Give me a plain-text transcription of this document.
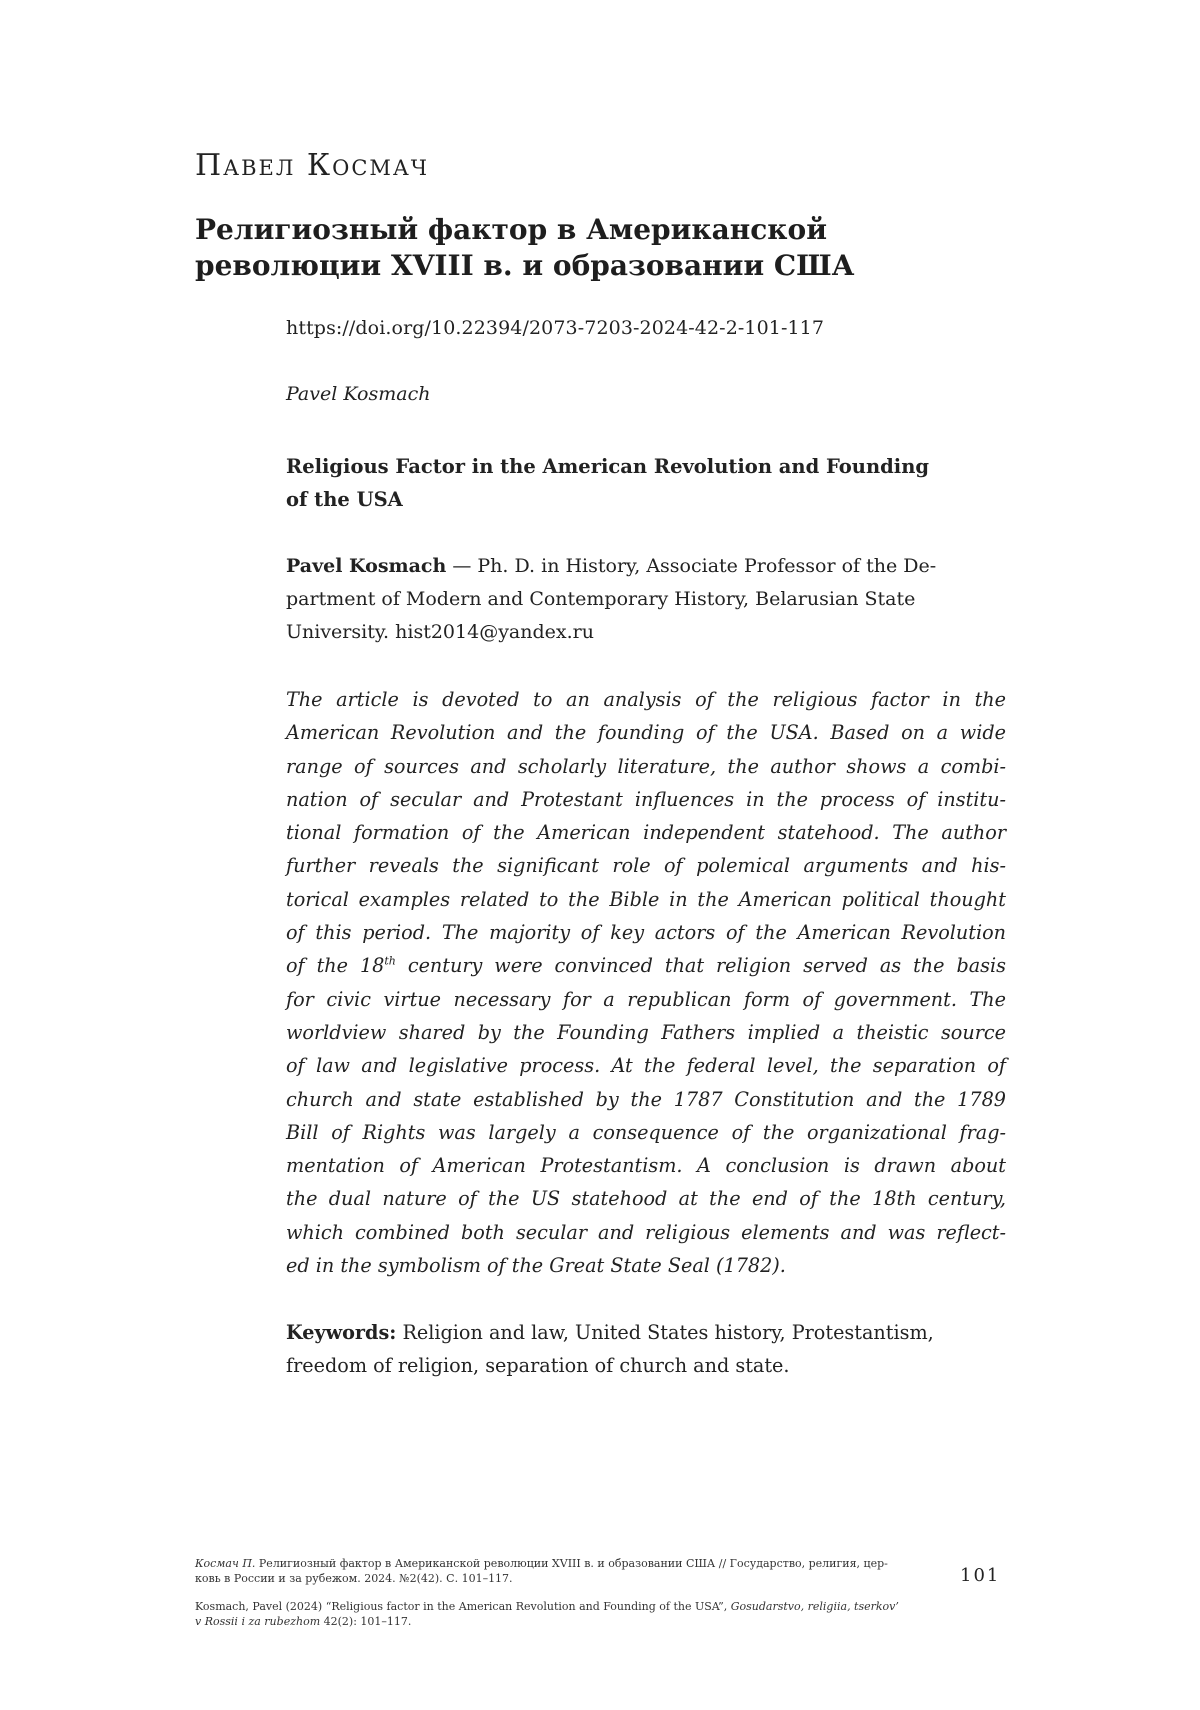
Павел Космач
Религиозный фактор в Американской
революции XVIII в. и образовании США
https://doi.org/10.22394/2073-7203-2024-42-2-101-117
Pavel Kosmach
Religious Factor in the American Revolution and Founding
of the USA
Pavel Kosmach — Ph. D. in History, Associate Professor of the De-
partment of Modern and Contemporary History, Belarusian State
University. hist2014@yandex.ru
The article is devoted to an analysis of the religious factor in the
American Revolution and the founding of the USA. Based on a wide
range of sources and scholarly literature, the author shows a combi-
nation of secular and Protestant influences in the process of institu-
tional formation of the American independent statehood. The author
further reveals the significant role of polemical arguments and his-
torical examples related to the Bible in the American political thought
of this period. The majority of key actors of the American Revolution
of the 18th century were convinced that religion served as the basis
for civic virtue necessary for a republican form of government. The
worldview shared by the Founding Fathers implied a theistic source
of law and legislative process. At the federal level, the separation of
church and state established by the 1787 Constitution and the 1789
Bill of Rights was largely a consequence of the organizational frag-
mentation of American Protestantism. A conclusion is drawn about
the dual nature of the US statehood at the end of the 18th century,
which combined both secular and religious elements and was reflect-
ed in the symbolism of the Great State Seal (1782).
Keywords: Religion and law, United States history, Protestantism,
freedom of religion, separation of church and state.
Космач П. Религиозный фактор в Американской революции XVIII в. и образовании США // Государство, религия, цер-
ковь в России и за рубежом. 2024. №2(42). С. 101–117.	101
Kosmach, Pavel (2024) “Religious factor in the American Revolution and Founding of the USA”, Gosudarstvo, religiia, tserkov’
v Rossii i za rubezhom 42(2): 101–117.
